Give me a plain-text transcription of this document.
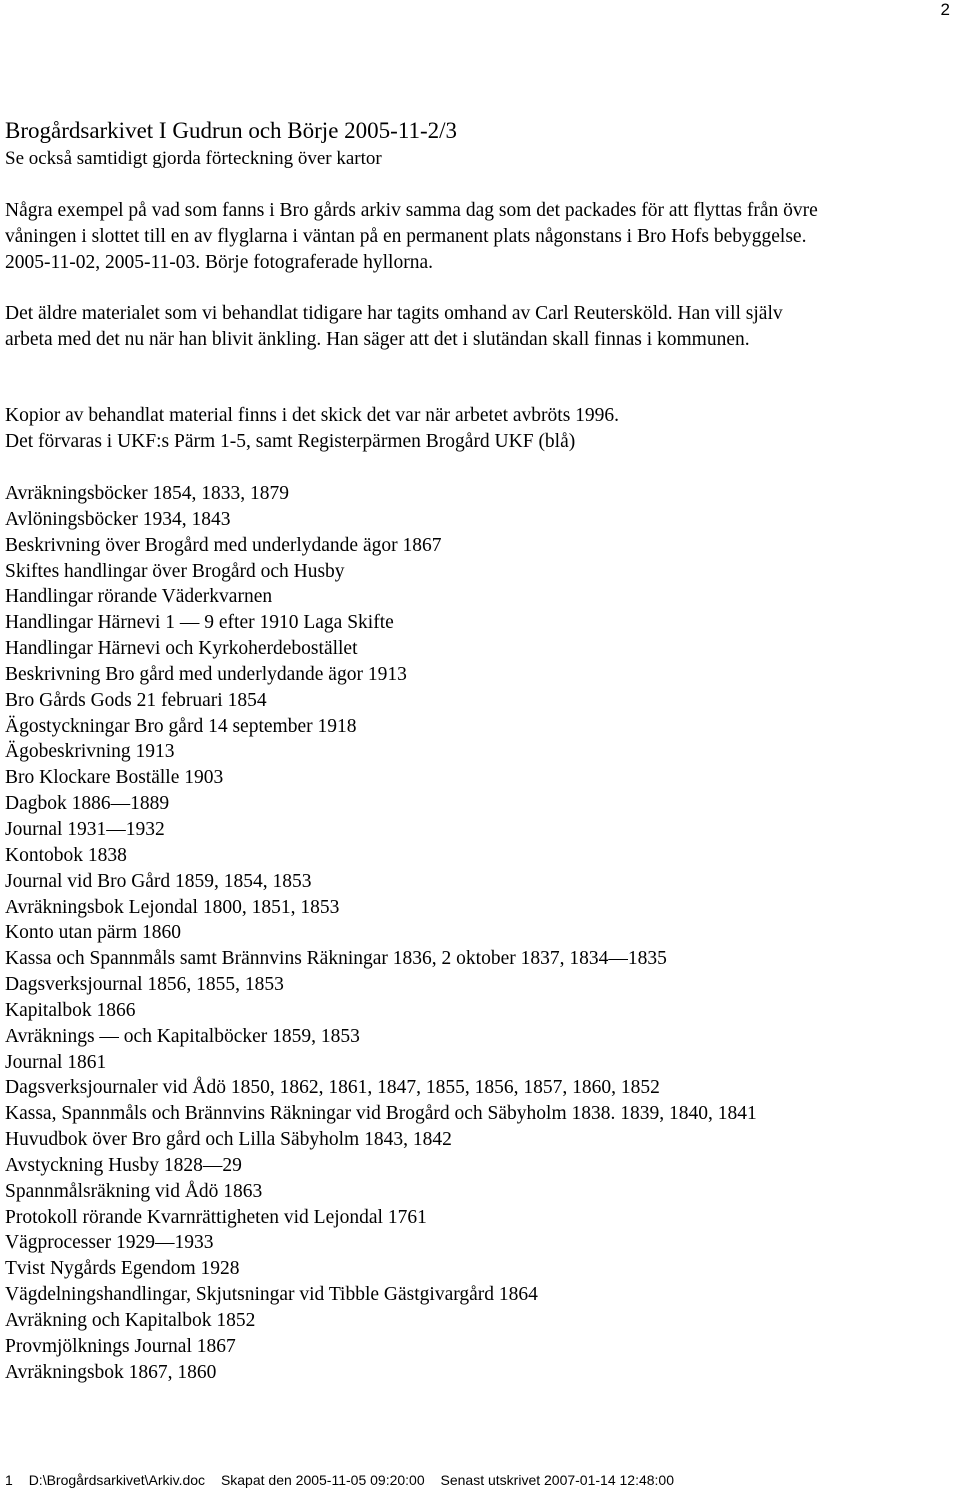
2
Brogårdsarkivet I Gudrun och Börje 2005-11-2/3
Se också samtidigt gjorda förteckning över kartor

Några exempel på vad som fanns i Bro gårds arkiv samma dag som det packades för att flyttas från övre våningen i slottet till en av flyglarna i väntan på en permanent plats någonstans i Bro Hofs bebyggelse. 2005-11-02, 2005-11-03. Börje fotograferade hyllorna.

Det äldre materialet som vi behandlat tidigare har tagits omhand av Carl Reutersköld. Han vill själv arbeta med det nu när han blivit änkling. Han säger att det i slutändan skall finnas i kommunen.

Kopior av behandlat material finns i det skick det var när arbetet avbröts 1996.
Det förvaras i UKF:s Pärm 1-5, samt Registerpärmen Brogård UKF (blå)
Avräkningsböcker 1854, 1833, 1879
Avlöningsböcker 1934, 1843
Beskrivning över Brogård med underlydande ägor 1867
Skiftes handlingar över Brogård och Husby
Handlingar rörande Väderkvarnen
Handlingar Härnevi 1 — 9 efter 1910 Laga Skifte
Handlingar Härnevi och Kyrkoherdebostället
Beskrivning Bro gård med underlydande ägor 1913
Bro Gårds Gods 21 februari 1854
Ägostyckningar Bro gård 14 september 1918
Ägobeskrivning 1913
Bro Klockare Boställe 1903
Dagbok 1886—1889
Journal 1931—1932
Kontobok 1838
Journal vid Bro Gård 1859, 1854, 1853
Avräkningsbok Lejondal 1800, 1851, 1853
Konto utan pärm 1860
Kassa och Spannmåls samt Brännvins Räkningar 1836, 2 oktober 1837, 1834—1835
Dagsverksjournal 1856, 1855, 1853
Kapitalbok 1866
Avräknings — och Kapitalböcker 1859, 1853
Journal 1861
Dagsverksjournaler vid Ådö 1850, 1862, 1861, 1847, 1855, 1856, 1857, 1860, 1852
Kassa, Spannmåls och Brännvins Räkningar vid Brogård och Säbyholm 1838. 1839, 1840, 1841
Huvudbok över Bro gård och Lilla Säbyholm 1843, 1842
Avstyckning Husby 1828—29
Spannmålsräkning vid Ådö 1863
Protokoll rörande Kvarnrättigheten vid Lejondal 1761
Vägprocesser 1929—1933
Tvist Nygårds Egendom 1928
Vägdelningshandlingar, Skjutsningar vid Tibble Gästgivargård 1864
Avräkning och Kapitalbok 1852
Provmjölknings Journal 1867
Avräkningsbok 1867, 1860
1 D:\Brogårdsarkivet\Arkiv.doc Skapat den 2005-11-05 09:20:00 Senast utskrivet 2007-01-14 12:48:00
